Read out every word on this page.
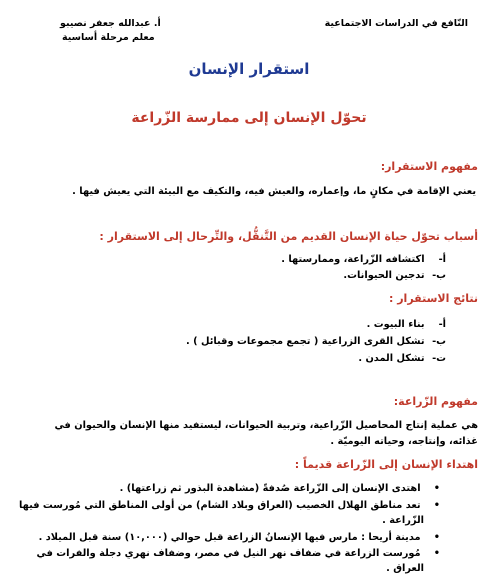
النّافع في الدراسات الاجتماعية
أ. عبدالله جعفر نصيبو
معلم مرحلة أساسية
استقرار الإنسان
تحوّل الإنسان إلى ممارسة الزّراعة
مفهوم الاستقرار:
يعني الإقامة في مكانٍ ما، وإعماره، والعيش فيه، والتكيف مع البيئة التي يعيش فيها .
أسباب تحوّل حياة الإنسان القديم من التَّنقُّل، والتِّرحال إلى الاستقرار :
أ- اكتشافه الزّراعة، وممارستها .
ب- تدجين الحيوانات.
نتائج الاستقرار :
أ- بناء البيوت .
ب- تشكل القرى الزراعية ( تجمع مجموعات وقبائل ) .
ت- تشكل المدن .
مفهوم الزّراعة:
هي عملية إنتاج المحاصيل الزّراعية، وتربية الحيوانات، ليستفيد منها الإنسان والحيوان في
غذائه، وإنتاجه، وحياته اليوميّة .
اهتداء الإنسان إلى الزّراعة قديماً :
• اهتدى الإنسان إلى الزّراعة صُدفةً (مشاهدة البذور ثم زراعتها) .
• تعد مناطق الهلال الخصيب (العراق وبلاد الشام) من أولى المناطق التي مُورست فيها
الزّراعة .
• مدينة أريحا : مارس فيها الإنسانُ الزراعة قبل حوالي (١٠,٠٠٠) سنة قبل الميلاد .
• مُورست الزراعة في ضفاف نهر النيل في مصر، وضفاف نهري دجلة والفرات في
العراق .
